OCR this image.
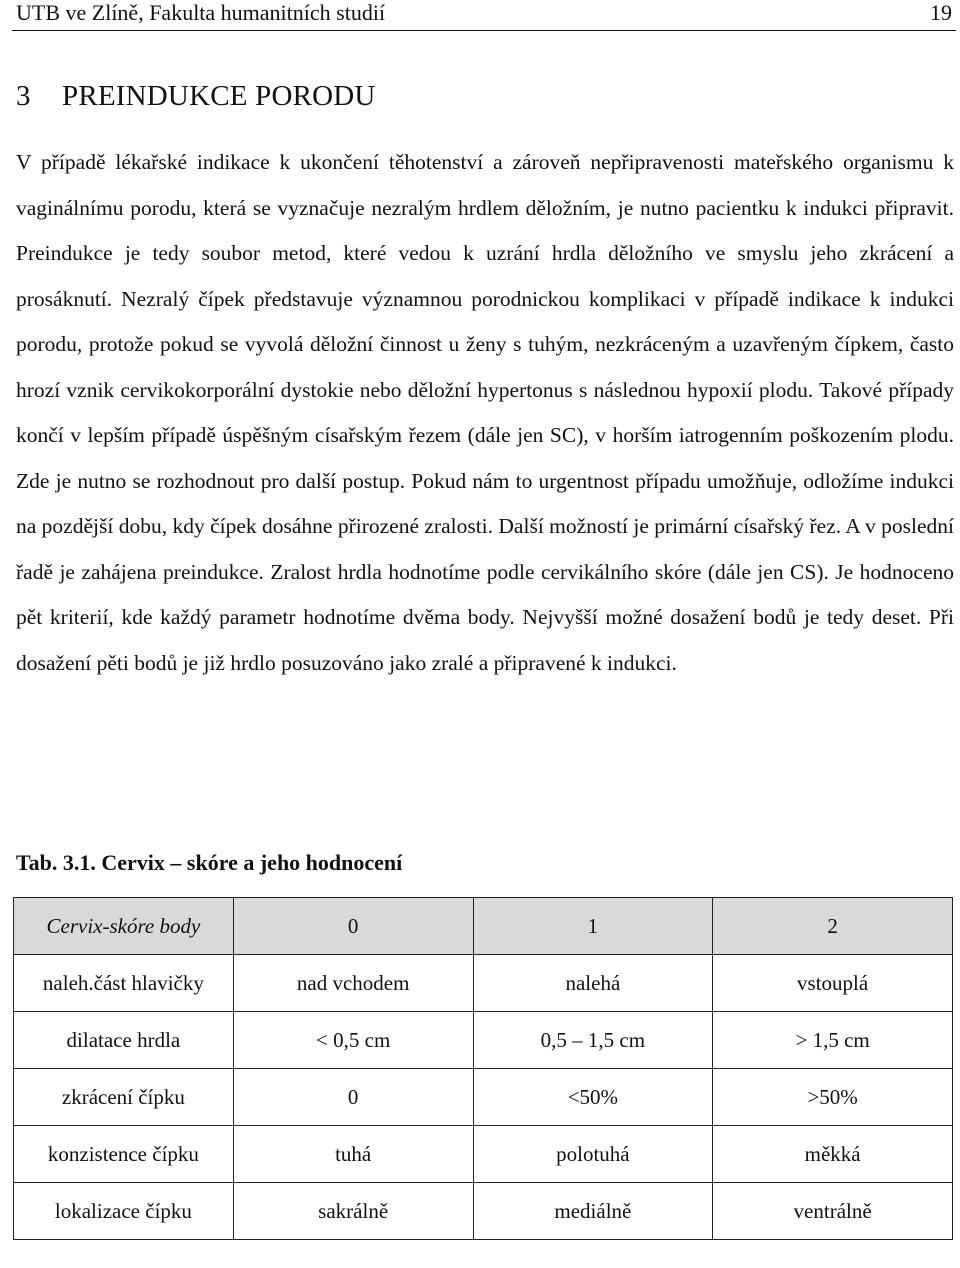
UTB ve Zlíně, Fakulta humanitních studií	19
3 PREINDUKCE PORODU

V případě lékařské indikace k ukončení těhotenství a zároveň nepřipravenosti mateřského organismu k vaginálnímu porodu, která se vyznačuje nezralým hrdlem děložním, je nutno pacientku k indukci připravit. Preindukce je tedy soubor metod, které vedou k uzrání hrdla děložního ve smyslu jeho zkrácení a prosáknutí. Nezralý čípek představuje významnou porodnickou komplikaci v případě indikace k indukci porodu, protože pokud se vyvolá děložní činnost u ženy s tuhým, nezkráceným a uzavřeným čípkem, často hrozí vznik cervikokorporální dystokie nebo děložní hypertonus s následnou hypoxií plodu. Takové případy končí v lepším případě úspěšným císařským řezem (dále jen SC), v horším iatrogenním poškozením plodu. Zde je nutno se rozhodnout pro další postup. Pokud nám to urgentnost případu umožňuje, odložíme indukci na pozdější dobu, kdy čípek dosáhne přirozené zralosti. Další možností je primární císařský řez. A v poslední řadě je zahájena preindukce. Zralost hrdla hodnotíme podle cervikálního skóre (dále jen CS). Je hodnoceno pět kriterií, kde každý parametr hodnotíme dvěma body. Nejvyšší možné dosažení bodů je tedy deset. Při dosažení pěti bodů je již hrdlo posuzováno jako zralé a připravené k indukci.

Tab. 3.1. Cervix – skóre a jeho hodnocení

Cervix-skóre body	0	1	2
naleh.část hlavičky	nad vchodem	nalehá	vstouplá
dilatace hrdla	< 0,5 cm	0,5 – 1,5 cm	> 1,5 cm
zkrácení čípku	0	<50%	>50%
konzistence čípku	tuhá	polotuhá	měkká
lokalizace čípku	sakrálně	mediálně	ventrálně
